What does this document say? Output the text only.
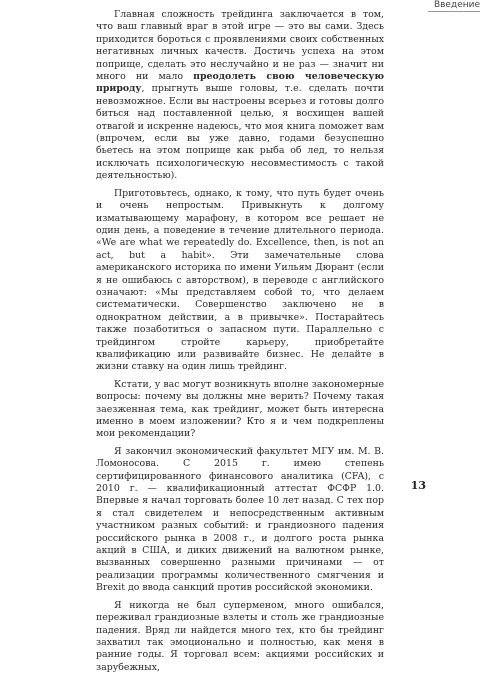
Введение

Главная сложность трейдинга заключается в том, что ваш главный враг в этой игре — это вы сами. Здесь приходится бороться с проявлениями своих собственных негативных личных качеств. Достичь успеха на этом поприще, сделать это неслучайно и не раз — значит ни много ни мало преодолеть свою человеческую природу, прыгнуть выше головы, т.е. сделать почти невозможное. Если вы настроены всерьез и готовы долго биться над поставленной целью, я восхищен вашей отвагой и искренне надеюсь, что моя книга поможет вам (впрочем, если вы уже давно, годами безуспешно бьетесь на этом поприще как рыба об лед, то нельзя исключать психологическую несовместимость с такой деятельностью).

Приготовьтесь, однако, к тому, что путь будет очень и очень непростым. Привыкнуть к долгому изматывающему марафону, в котором все решает не один день, а поведение в течение длительного периода. «We are what we repeatedly do. Excellence, then, is not an act, but a habit». Эти замечательные слова американского историка по имени Уильям Дюрант (если я не ошибаюсь с авторством), в переводе с английского означают: «Мы представляем собой то, что делаем систематически. Совершенство заключено не в однократном действии, а в привычке». Постарайтесь также позаботиться о запасном пути. Параллельно с трейдингом стройте карьеру, приобретайте квалификацию или развивайте бизнес. Не делайте в жизни ставку на один лишь трейдинг.

Кстати, у вас могут возникнуть вполне закономерные вопросы: почему вы должны мне верить? Почему такая заезженная тема, как трейдинг, может быть интересна именно в моем изложении? Кто я и чем подкреплены мои рекомендации?

Я закончил экономический факультет МГУ им. М. В. Ломоносова. С 2015 г. имею степень сертифицированного финансового аналитика (CFA), с 2010 г. — квалификационный аттестат ФСФР 1.0. Впервые я начал торговать более 10 лет назад. С тех пор я стал свидетелем и непосредственным активным участником разных событий: и грандиозного падения российского рынка в 2008 г., и долгого роста рынка акций в США, и диких движений на валютном рынке, вызванных совершенно разными причинами — от реализации программы количественного смягчения и Brexit до ввода санкций против российской экономики.

Я никогда не был суперменом, много ошибался, переживал грандиозные взлеты и столь же грандиозные падения. Вряд ли найдется много тех, кто бы трейдинг захватил так эмоционально и полностью, как меня в ранние годы. Я торговал всем: акциями российских и зарубежных,

13
